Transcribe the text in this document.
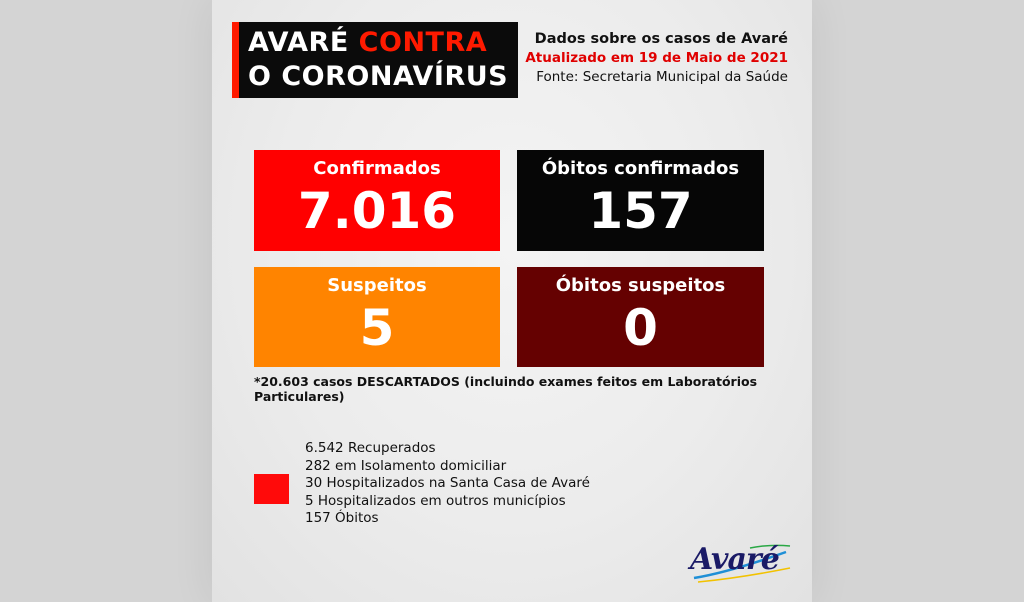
AVARÉ CONTRA
O CORONAVÍRUS
Dados sobre os casos de Avaré
Atualizado em 19 de Maio de 2021
Fonte: Secretaria Municipal da Saúde
Confirmados
7.016
Óbitos confirmados
157
Suspeitos
5
Óbitos suspeitos
0
*20.603 casos DESCARTADOS (incluindo exames feitos em Laboratórios Particulares)
6.542 Recuperados
282 em Isolamento domiciliar
30 Hospitalizados na Santa Casa de Avaré
5 Hospitalizados em outros municípios
157 Óbitos
Avaré
